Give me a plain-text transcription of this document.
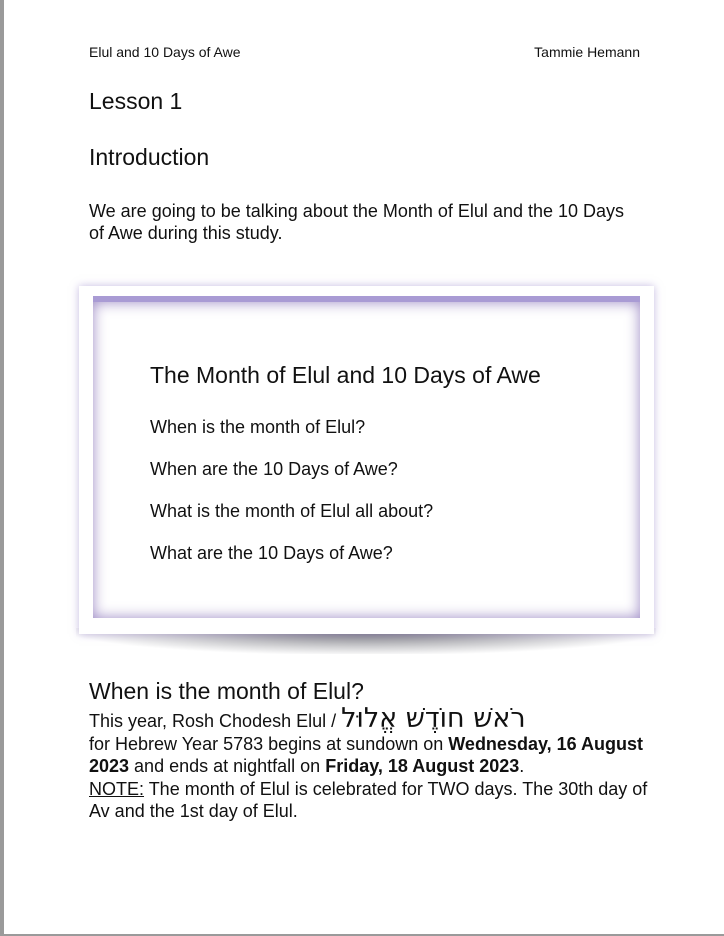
Elul and 10 Days of Awe	Tammie Hemann
Lesson 1
Introduction

We are going to be talking about the Month of Elul and the 10 Days of Awe during this study.

The Month of Elul and 10 Days of Awe
When is the month of Elul?
When are the 10 Days of Awe?
What is the month of Elul all about?
What are the 10 Days of Awe?
When is the month of Elul?

This year, Rosh Chodesh Elul / רֹאשׁ חוֹדֶשׁ אֱלוּל
for Hebrew Year 5783 begins at sundown on Wednesday, 16 August 2023 and ends at nightfall on Friday, 18 August 2023.
NOTE: The month of Elul is celebrated for TWO days. The 30th day of Av and the 1st day of Elul.
